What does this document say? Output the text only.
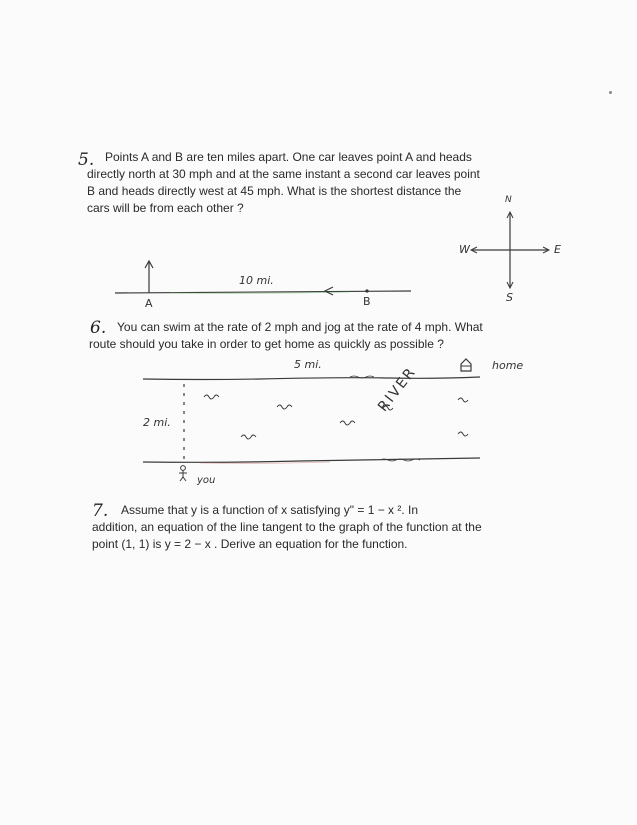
5. Points A and B are ten miles apart. One car leaves point A and heads
directly north at 30 mph and at the same instant a second car leaves point
B and heads directly west at 45 mph. What is the shortest distance the
cars will be from each other ?

6. You can swim at the rate of 2 mph and jog at the rate of 4 mph. What
route should you take in order to get home as quickly as possible ?

7.	Assume that y is a function of x satisfying y" = 1 − x ². In
addition, an equation of the line tangent to the graph of the function at the
point (1, 1) is y = 2 − x . Derive an equation for the function.

10 mi.
A	B
N
S
E
W
5 mi.	home
RIVER
2 mi.
you
